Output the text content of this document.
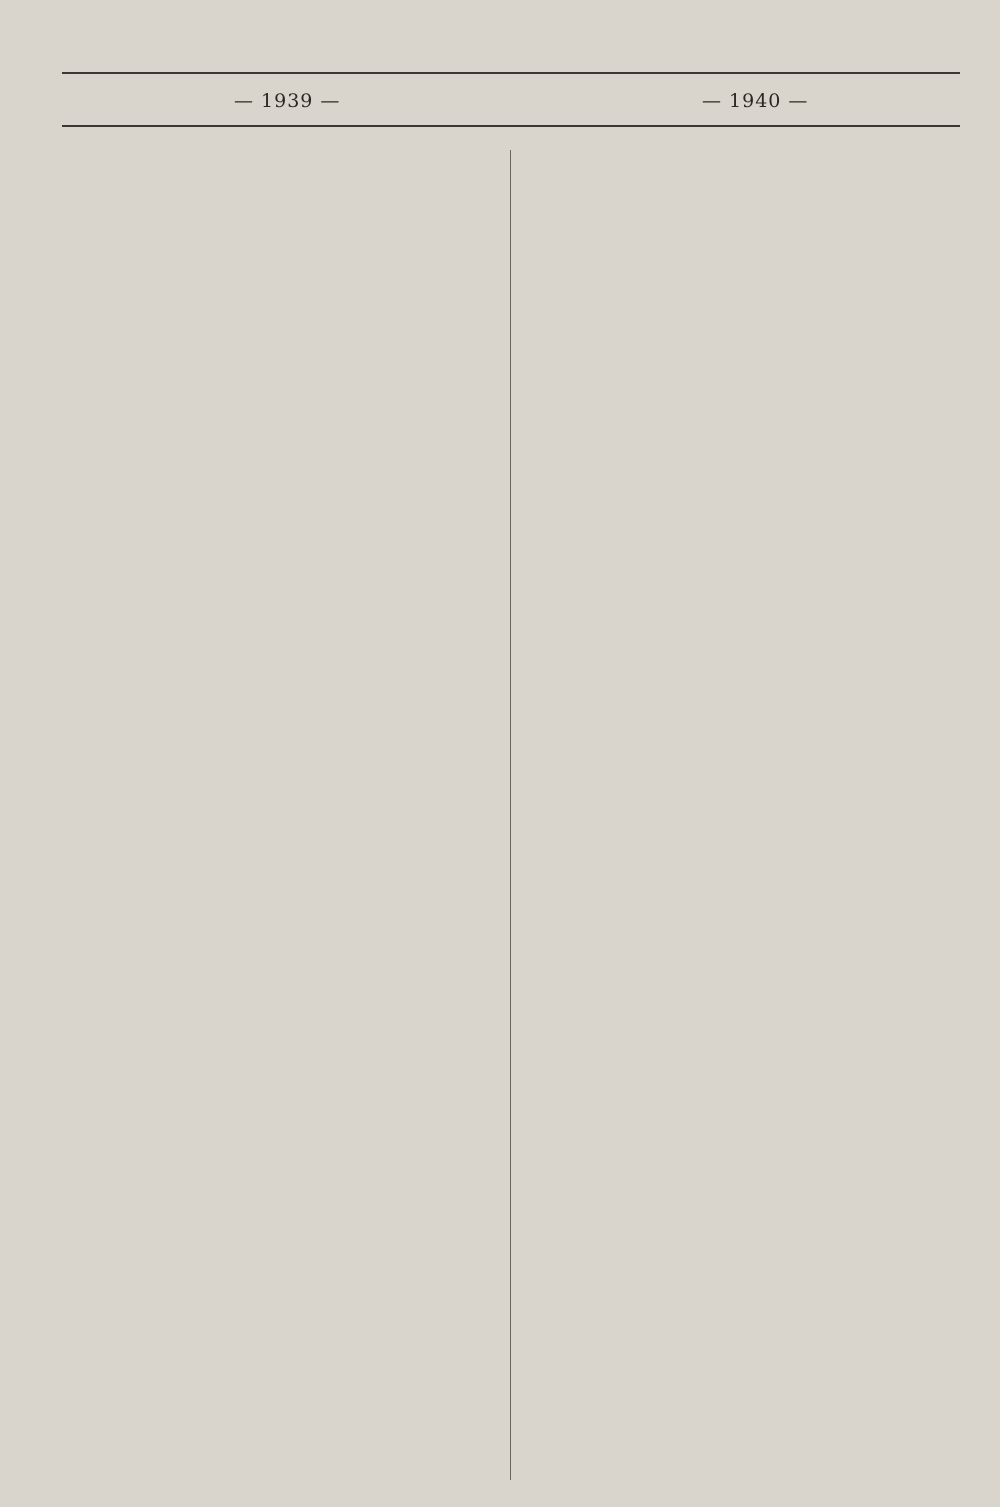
— 1939 —	— 1940 —
